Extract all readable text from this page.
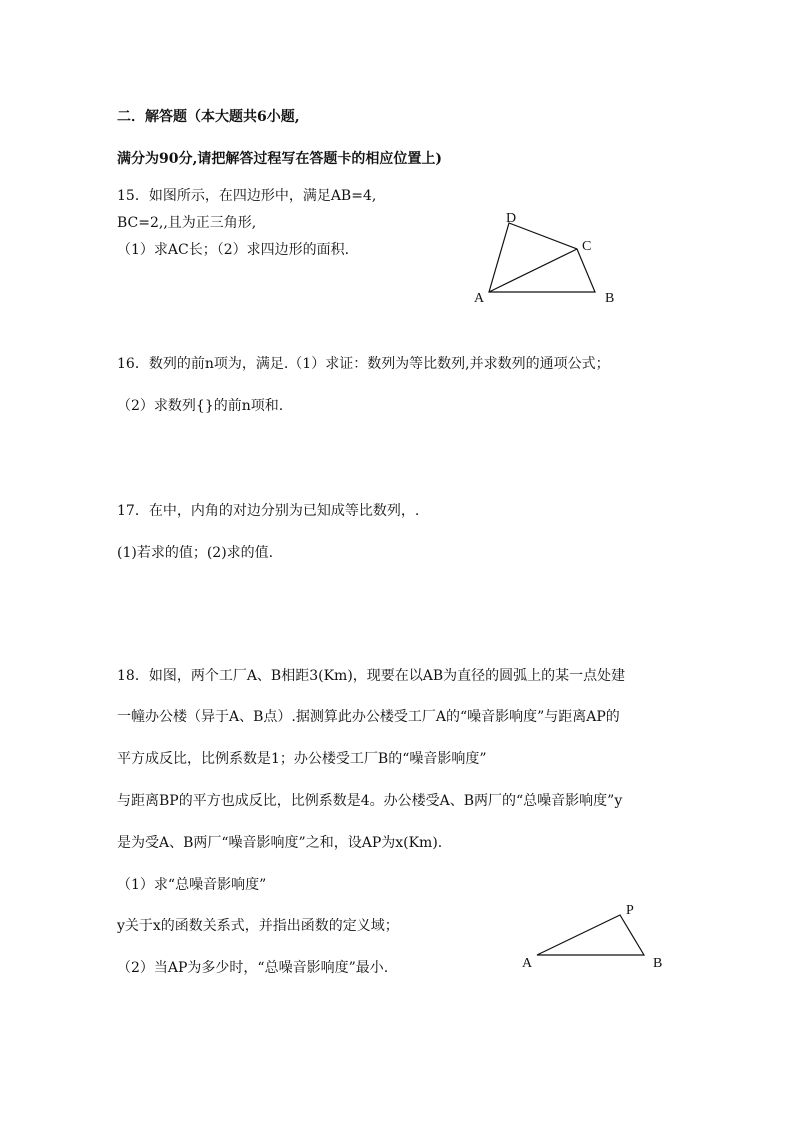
二．解答题（本大题共6小题,
满分为90分,请把解答过程写在答题卡的相应位置上)
15．如图所示，在四边形中，满足AB=4,
BC=2,,且为正三角形,
（1）求AC长；（2）求四边形的面积.
D
C
A	B
16．数列的前n项为，满足.（1）求证：数列为等比数列,并求数列的通项公式；
（2）求数列{}的前n项和.
17．在中，内角的对边分别为已知成等比数列，.
(1)若求的值；(2)求的值.
18．如图，两个工厂A、B相距3(Km)，现要在以AB为直径的圆弧上的某一点处建
一幢办公楼（异于A、B点）.据测算此办公楼受工厂A的“噪音影响度”与距离AP的
平方成反比，比例系数是1；办公楼受工厂B的“噪音影响度”
与距离BP的平方也成反比，比例系数是4。办公楼受A、B两厂的“总噪音影响度”y
是为受A、B两厂“噪音影响度”之和，设AP为x(Km).
（1）求“总噪音影响度”
y关于x的函数关系式，并指出函数的定义域；
（2）当AP为多少时，“总噪音影响度”最小.
P
A	B
